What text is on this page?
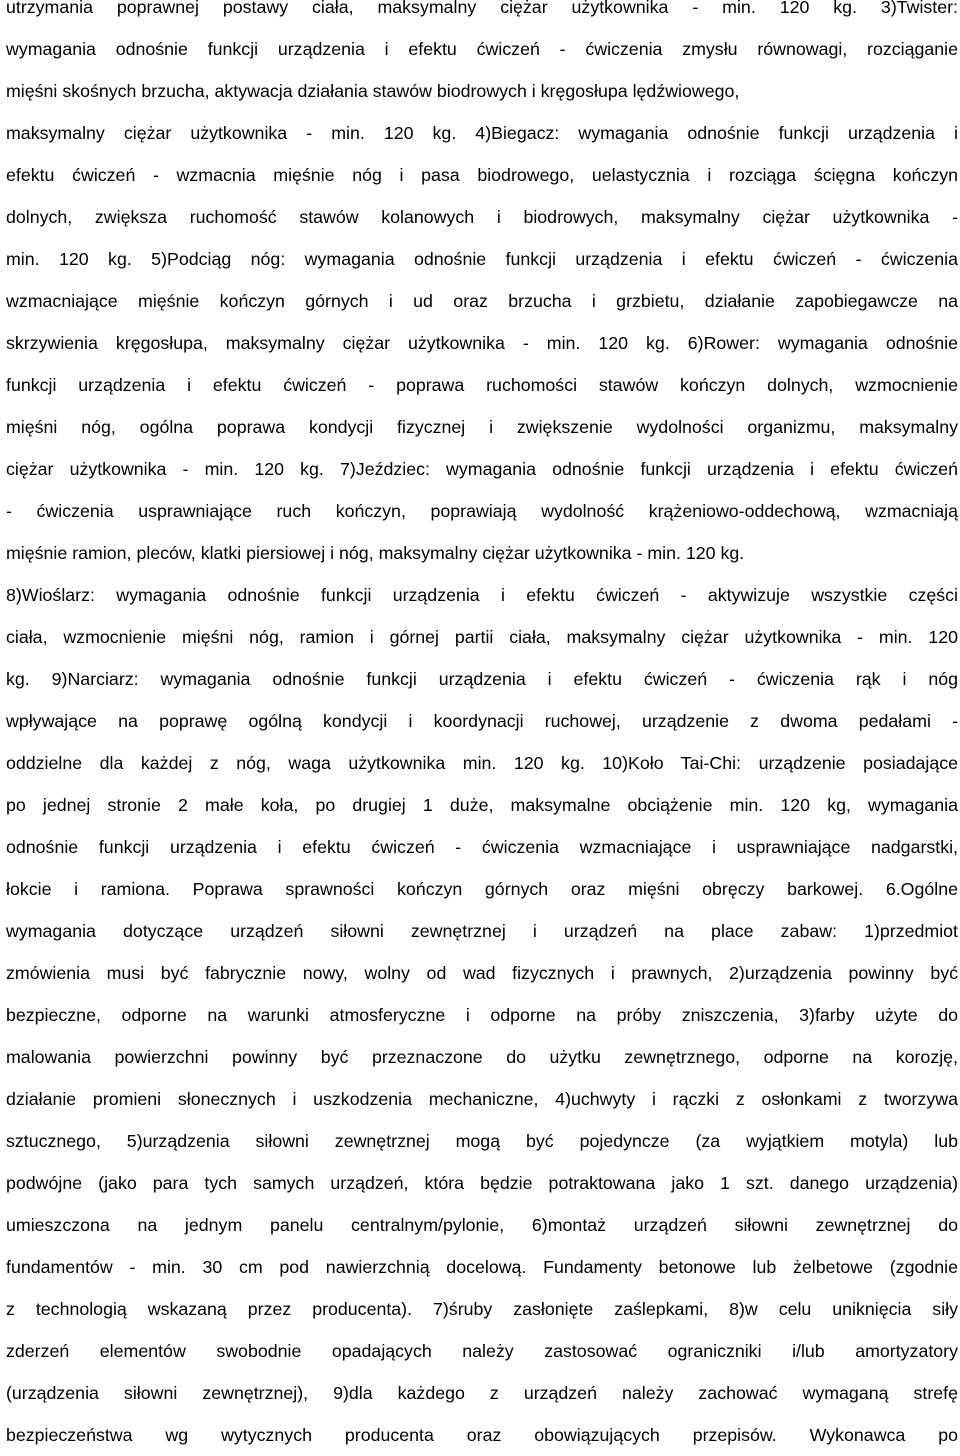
utrzymania poprawnej postawy ciała, maksymalny ciężar użytkownika - min. 120 kg. 3)Twister:
wymagania odnośnie funkcji urządzenia i efektu ćwiczeń - ćwiczenia zmysłu równowagi, rozciąganie
mięśni skośnych brzucha, aktywacja działania stawów biodrowych i kręgosłupa lędźwiowego,
maksymalny ciężar użytkownika - min. 120 kg. 4)Biegacz: wymagania odnośnie funkcji urządzenia i
efektu ćwiczeń - wzmacnia mięśnie nóg i pasa biodrowego, uelastycznia i rozciąga ścięgna kończyn
dolnych, zwiększa ruchomość stawów kolanowych i biodrowych, maksymalny ciężar użytkownika -
min. 120 kg. 5)Podciąg nóg: wymagania odnośnie funkcji urządzenia i efektu ćwiczeń - ćwiczenia
wzmacniające mięśnie kończyn górnych i ud oraz brzucha i grzbietu, działanie zapobiegawcze na
skrzywienia kręgosłupa, maksymalny ciężar użytkownika - min. 120 kg. 6)Rower: wymagania odnośnie
funkcji urządzenia i efektu ćwiczeń - poprawa ruchomości stawów kończyn dolnych, wzmocnienie
mięśni nóg, ogólna poprawa kondycji fizycznej i zwiększenie wydolności organizmu, maksymalny
ciężar użytkownika - min. 120 kg. 7)Jeździec: wymagania odnośnie funkcji urządzenia i efektu ćwiczeń
- ćwiczenia usprawniające ruch kończyn, poprawiają wydolność krążeniowo-oddechową, wzmacniają
mięśnie ramion, pleców, klatki piersiowej i nóg, maksymalny ciężar użytkownika - min. 120 kg.
8)Wioślarz: wymagania odnośnie funkcji urządzenia i efektu ćwiczeń - aktywizuje wszystkie części
ciała, wzmocnienie mięśni nóg, ramion i górnej partii ciała, maksymalny ciężar użytkownika - min. 120
kg. 9)Narciarz: wymagania odnośnie funkcji urządzenia i efektu ćwiczeń - ćwiczenia rąk i nóg
wpływające na poprawę ogólną kondycji i koordynacji ruchowej, urządzenie z dwoma pedałami -
oddzielne dla każdej z nóg, waga użytkownika min. 120 kg. 10)Koło Tai-Chi: urządzenie posiadające
po jednej stronie 2 małe koła, po drugiej 1 duże, maksymalne obciążenie min. 120 kg, wymagania
odnośnie funkcji urządzenia i efektu ćwiczeń - ćwiczenia wzmacniające i usprawniające nadgarstki,
łokcie i ramiona. Poprawa sprawności kończyn górnych oraz mięśni obręczy barkowej. 6.Ogólne
wymagania dotyczące urządzeń siłowni zewnętrznej i urządzeń na place zabaw: 1)przedmiot
zmówienia musi być fabrycznie nowy, wolny od wad fizycznych i prawnych, 2)urządzenia powinny być
bezpieczne, odporne na warunki atmosferyczne i odporne na próby zniszczenia, 3)farby użyte do
malowania powierzchni powinny być przeznaczone do użytku zewnętrznego, odporne na korozję,
działanie promieni słonecznych i uszkodzenia mechaniczne, 4)uchwyty i rączki z osłonkami z tworzywa
sztucznego, 5)urządzenia siłowni zewnętrznej mogą być pojedyncze (za wyjątkiem motyla) lub
podwójne (jako para tych samych urządzeń, która będzie potraktowana jako 1 szt. danego urządzenia)
umieszczona na jednym panelu centralnym/pylonie, 6)montaż urządzeń siłowni zewnętrznej do
fundamentów - min. 30 cm pod nawierzchnią docelową. Fundamenty betonowe lub żelbetowe (zgodnie
z technologią wskazaną przez producenta). 7)śruby zasłonięte zaślepkami, 8)w celu uniknięcia siły
zderzeń elementów swobodnie opadających należy zastosować ograniczniki i/lub amortyzatory
(urządzenia siłowni zewnętrznej), 9)dla każdego z urządzeń należy zachować wymaganą strefę
bezpieczeństwa wg wytycznych producenta oraz obowiązujących przepisów. Wykonawca po
